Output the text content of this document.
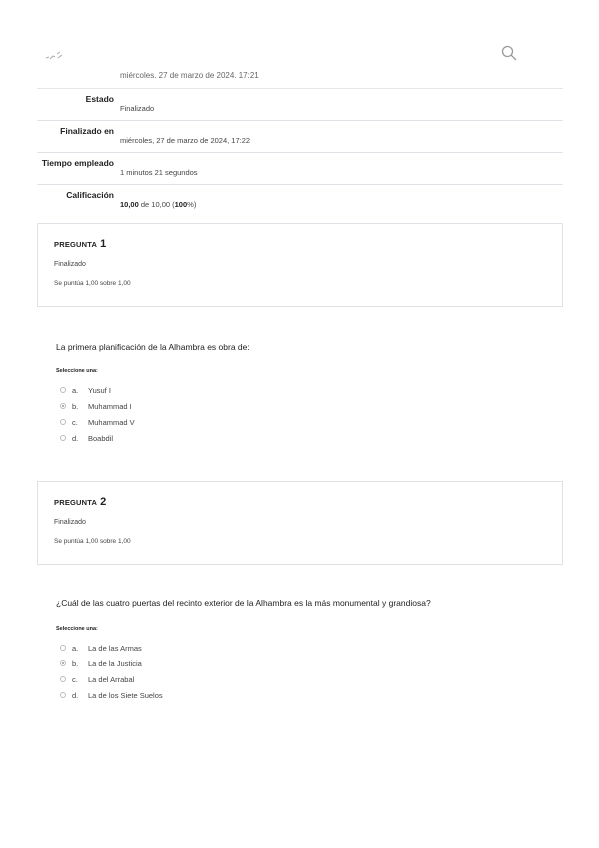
miércoles, 27 de marzo de 2024, 17:21
Estado
Finalizado
Finalizado en
miércoles, 27 de marzo de 2024, 17:22
Tiempo empleado
1 minutos 21 segundos
Calificación
10,00 de 10,00 (100%)
PREGUNTA 1
Finalizado
Se puntúa 1,00 sobre 1,00
La primera planificación de la Alhambra es obra de:
Seleccione una:
a.	Yusuf I
b.	Muhammad I
c.	Muhammad V
d.	Boabdil
PREGUNTA 2
Finalizado
Se puntúa 1,00 sobre 1,00
¿Cuál de las cuatro puertas del recinto exterior de la Alhambra es la más monumental y grandiosa?
Seleccione una:
a.	La de las Armas
b.	La de la Justicia
c.	La del Arrabal
d.	La de los Siete Suelos
